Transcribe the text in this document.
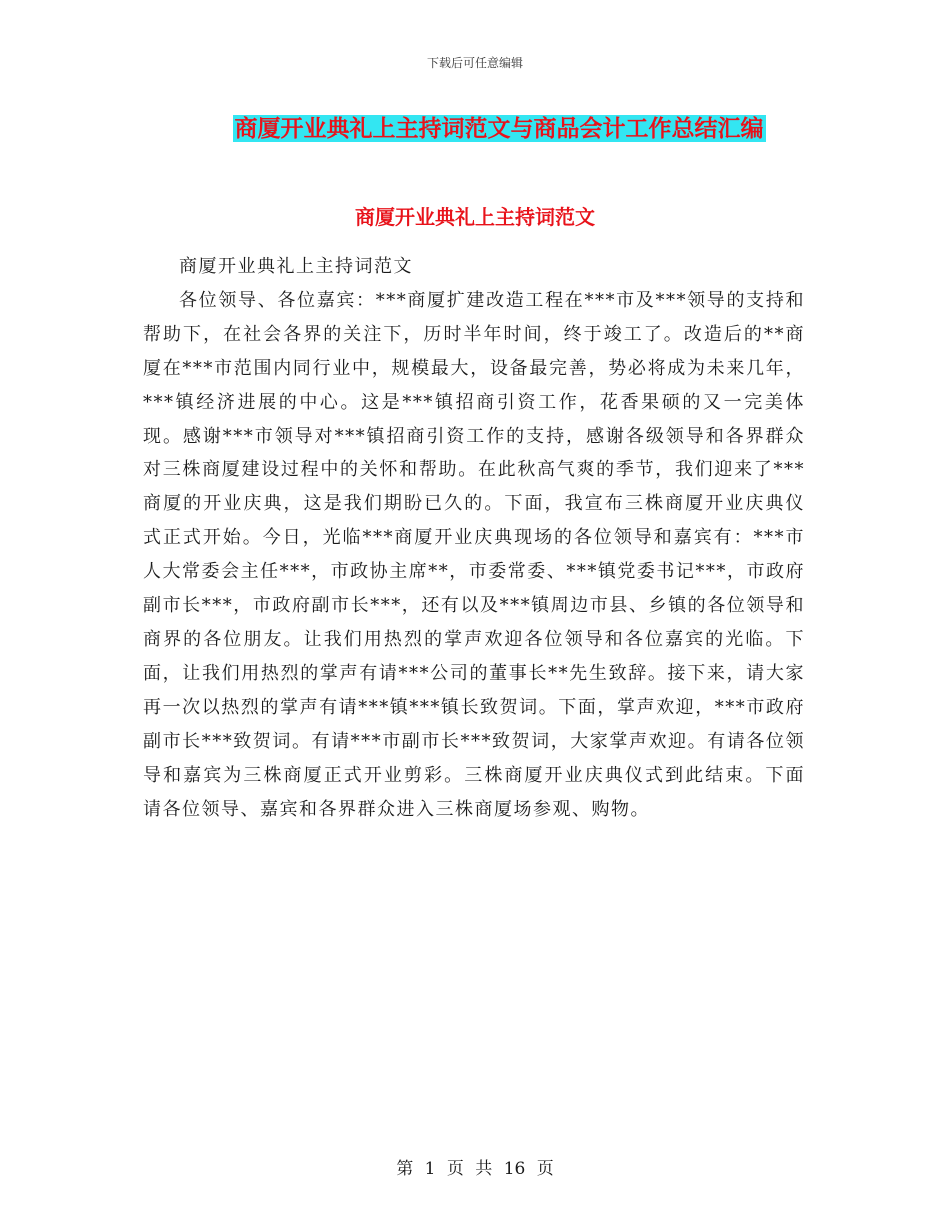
下载后可任意编辑
商厦开业典礼上主持词范文与商品会计工作总结汇编
商厦开业典礼上主持词范文

商厦开业典礼上主持词范文

各位领导、各位嘉宾：***商厦扩建改造工程在***市及***领导的支持和帮助下，在社会各界的关注下，历时半年时间，终于竣工了。改造后的**商厦在***市范围内同行业中，规模最大，设备最完善，势必将成为未来几年，***镇经济进展的中心。这是***镇招商引资工作，花香果硕的又一完美体现。感谢***市领导对***镇招商引资工作的支持，感谢各级领导和各界群众对三株商厦建设过程中的关怀和帮助。在此秋高气爽的季节，我们迎来了***商厦的开业庆典，这是我们期盼已久的。下面，我宣布三株商厦开业庆典仪式正式开始。今日，光临***商厦开业庆典现场的各位领导和嘉宾有：***市人大常委会主任***，市政协主席**，市委常委、***镇党委书记***，市政府副市长***，市政府副市长***，还有以及***镇周边市县、乡镇的各位领导和商界的各位朋友。让我们用热烈的掌声欢迎各位领导和各位嘉宾的光临。下面，让我们用热烈的掌声有请***公司的董事长**先生致辞。接下来，请大家再一次以热烈的掌声有请***镇***镇长致贺词。下面，掌声欢迎，***市政府副市长***致贺词。有请***市副市长***致贺词，大家掌声欢迎。有请各位领导和嘉宾为三株商厦正式开业剪彩。三株商厦开业庆典仪式到此结束。下面请各位领导、嘉宾和各界群众进入三株商厦场参观、购物。

第 1 页 共 16 页
